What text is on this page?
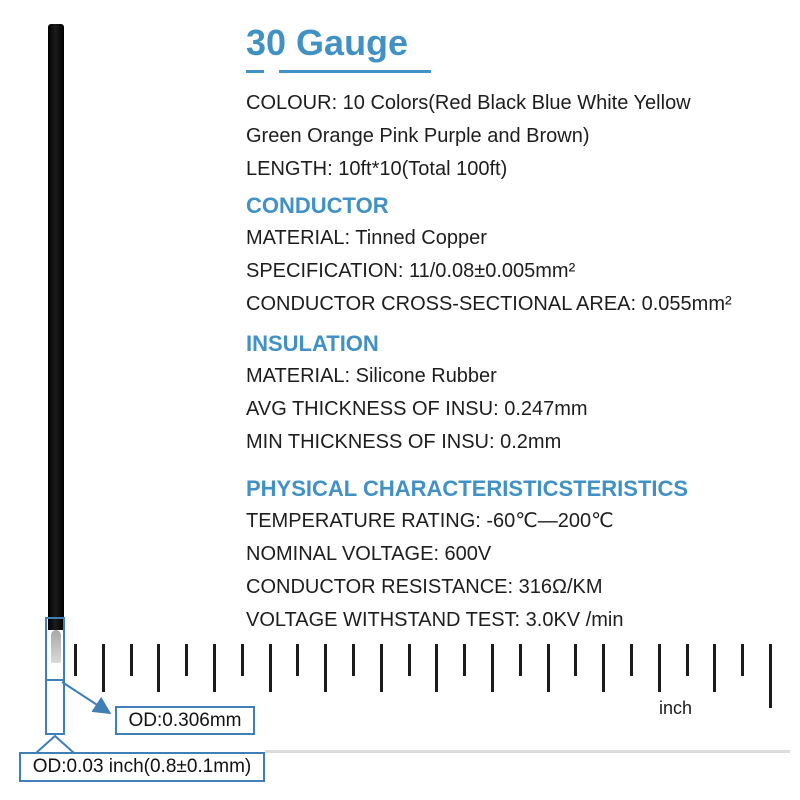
30 Gauge
COLOUR: 10 Colors(Red Black Blue White Yellow
Green Orange Pink Purple and Brown)
LENGTH: 10ft*10(Total 100ft)
CONDUCTOR
MATERIAL: Tinned Copper
SPECIFICATION: 11/0.08±0.005mm²
CONDUCTOR CROSS-SECTIONAL AREA: 0.055mm²
INSULATION
MATERIAL: Silicone Rubber
AVG THICKNESS OF INSU: 0.247mm
MIN THICKNESS OF INSU: 0.2mm
PHYSICAL CHARACTERISTICSTERISTICS
TEMPERATURE RATING: -60℃—200℃
NOMINAL VOLTAGE: 600V
CONDUCTOR RESISTANCE: 316Ω/KM
VOLTAGE WITHSTAND TEST: 3.0KV /min
inch
OD:0.306mm
OD:0.03 inch(0.8±0.1mm)
